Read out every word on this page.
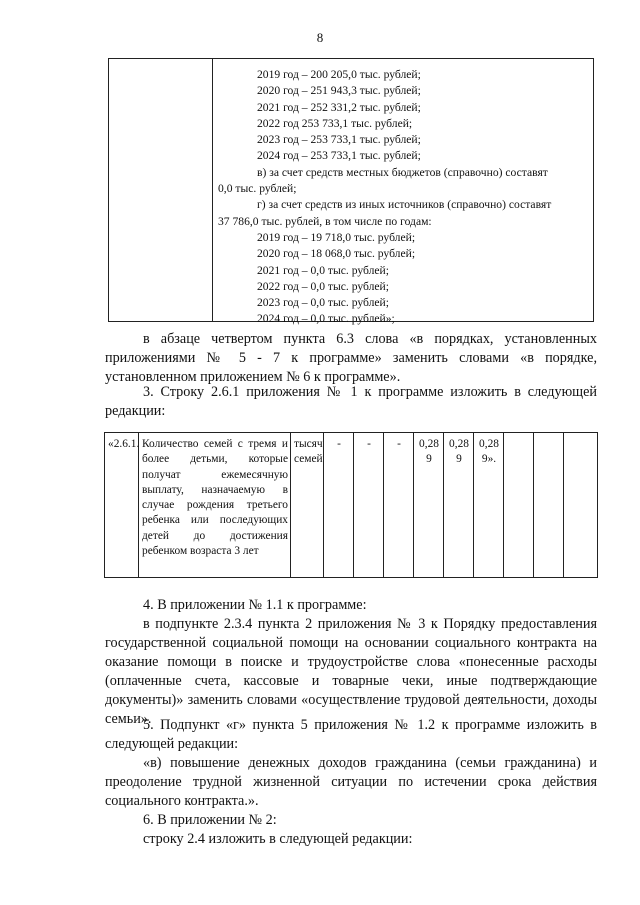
8
2019 год – 200 205,0 тыс. рублей;
2020 год – 251 943,3 тыс. рублей;
2021 год – 252 331,2 тыс. рублей;
2022 год 253 733,1 тыс. рублей;
2023 год – 253 733,1 тыс. рублей;
2024 год – 253 733,1 тыс. рублей;
в) за счет средств местных бюджетов (справочно) составят
0,0 тыс. рублей;
г) за счет средств из иных источников (справочно) составят
37 786,0 тыс. рублей, в том числе по годам:
2019 год – 19 718,0 тыс. рублей;
2020 год – 18 068,0 тыс. рублей;
2021 год – 0,0 тыс. рублей;
2022 год – 0,0 тыс. рублей;
2023 год – 0,0 тыс. рублей;
2024 год – 0,0 тыс. рублей»;

в абзаце четвертом пункта 6.3 слова «в порядках, установленных приложениями № 5 - 7 к программе» заменить словами «в порядке, установленном приложением № 6 к программе».

3. Строку 2.6.1 приложения № 1 к программе изложить в следующей редакции:

«2.6.1.	Количество семей с тремя и более детьми, которые получат ежемесячную выплату, назначаемую в случае рождения третьего ребенка или последующих детей до достижения ребенком возраста 3 лет	тысяч семей	-	-	-	0,289	0,289	0,289».			

4. В приложении № 1.1 к программе:

в подпункте 2.3.4 пункта 2 приложения № 3 к Порядку предоставления государственной социальной помощи на основании социального контракта на оказание помощи в поиске и трудоустройстве слова «понесенные расходы (оплаченные счета, кассовые и товарные чеки, иные подтверждающие документы)» заменить словами «осуществление трудовой деятельности, доходы семьи».

5. Подпункт «г» пункта 5 приложения № 1.2 к программе изложить в следующей редакции:

«в) повышение денежных доходов гражданина (семьи гражданина) и преодоление трудной жизненной ситуации по истечении срока действия социального контракта.».

6. В приложении № 2:

строку 2.4 изложить в следующей редакции:
